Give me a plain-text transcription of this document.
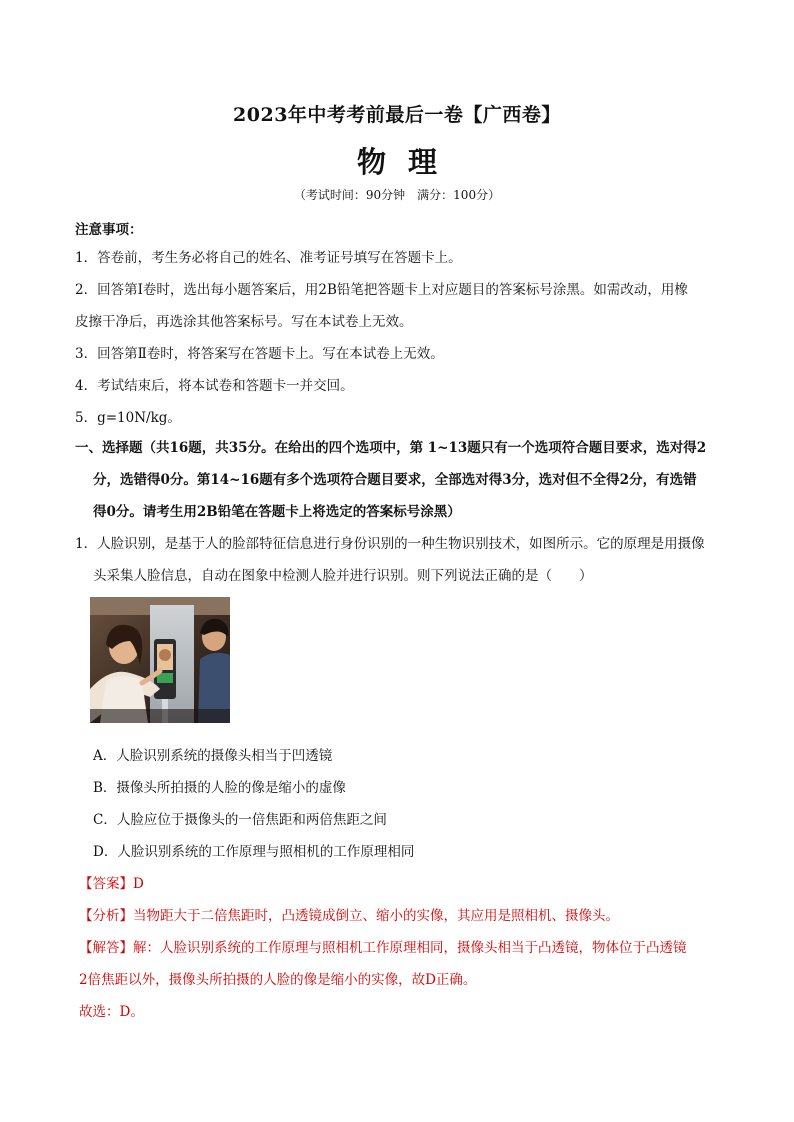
2023年中考考前最后一卷【广西卷】
物理
（考试时间：90分钟　满分：100分）
注意事项：
1．答卷前，考生务必将自己的姓名、准考证号填写在答题卡上。
2．回答第Ⅰ卷时，选出每小题答案后，用2B铅笔把答题卡上对应题目的答案标号涂黑。如需改动，用橡
皮擦干净后，再选涂其他答案标号。写在本试卷上无效。
3．回答第Ⅱ卷时，将答案写在答题卡上。写在本试卷上无效。
4．考试结束后，将本试卷和答题卡一并交回。
5．g=10N/kg。
一、选择题（共16题，共35分。在给出的四个选项中，第 1~13题只有一个选项符合题目要求，选对得2
分，选错得0分。第14~16题有多个选项符合题目要求，全部选对得3分，选对但不全得2分，有选错
得0分。请考生用2B铅笔在答题卡上将选定的答案标号涂黑）
1．人脸识别，是基于人的脸部特征信息进行身份识别的一种生物识别技术，如图所示。它的原理是用摄像
头采集人脸信息，自动在图象中检测人脸并进行识别。则下列说法正确的是（　　）
A．人脸识别系统的摄像头相当于凹透镜
B．摄像头所拍摄的人脸的像是缩小的虚像
C．人脸应位于摄像头的一倍焦距和两倍焦距之间
D．人脸识别系统的工作原理与照相机的工作原理相同
【答案】D
【分析】当物距大于二倍焦距时，凸透镜成倒立、缩小的实像，其应用是照相机、摄像头。
【解答】解：人脸识别系统的工作原理与照相机工作原理相同，摄像头相当于凸透镜，物体位于凸透镜
2倍焦距以外，摄像头所拍摄的人脸的像是缩小的实像，故D正确。
故选：D。
